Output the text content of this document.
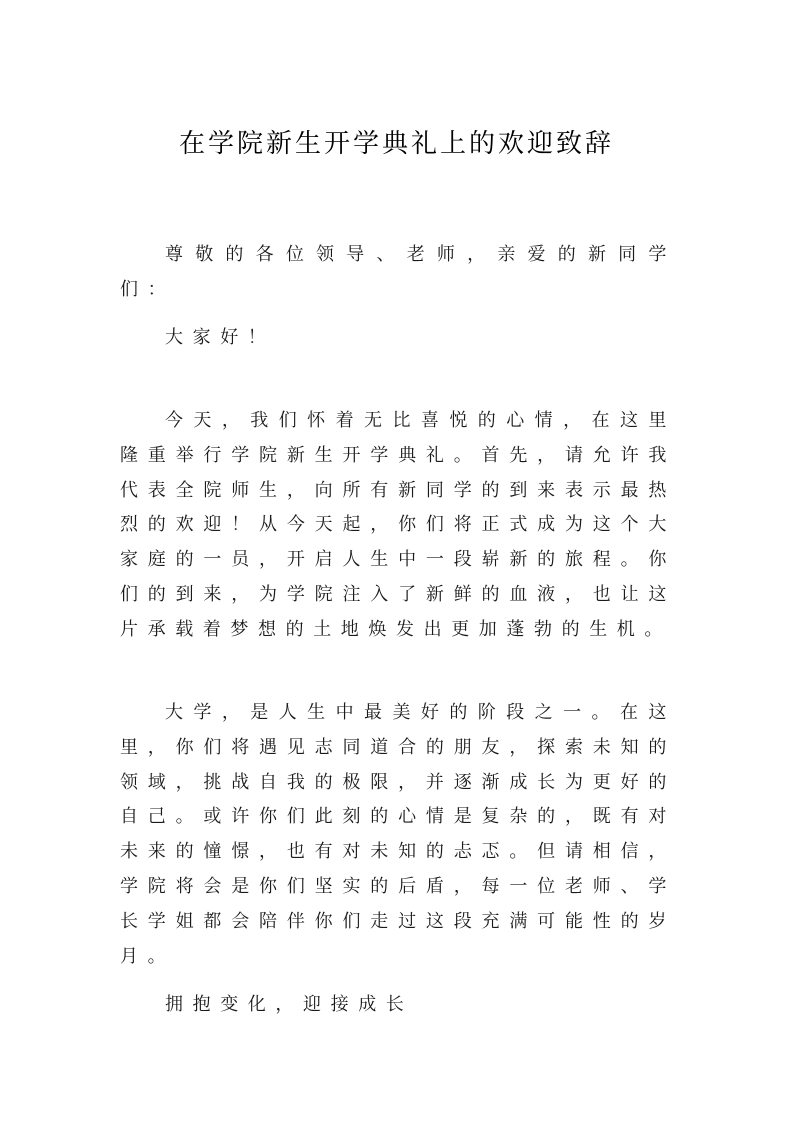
在学院新生开学典礼上的欢迎致辞
尊敬的各位领导、老师，亲爱的新同学们：
大家好！
今天，我们怀着无比喜悦的心情，在这里隆重举行学院新生开学典礼。首先，请允许我代表全院师生，向所有新同学的到来表示最热烈的欢迎！从今天起，你们将正式成为这个大家庭的一员，开启人生中一段崭新的旅程。你们的到来，为学院注入了新鲜的血液，也让这片承载着梦想的土地焕发出更加蓬勃的生机。
大学，是人生中最美好的阶段之一。在这里，你们将遇见志同道合的朋友，探索未知的领域，挑战自我的极限，并逐渐成长为更好的自己。或许你们此刻的心情是复杂的，既有对未来的憧憬，也有对未知的忐忑。但请相信，学院将会是你们坚实的后盾，每一位老师、学长学姐都会陪伴你们走过这段充满可能性的岁月。
拥抱变化，迎接成长
